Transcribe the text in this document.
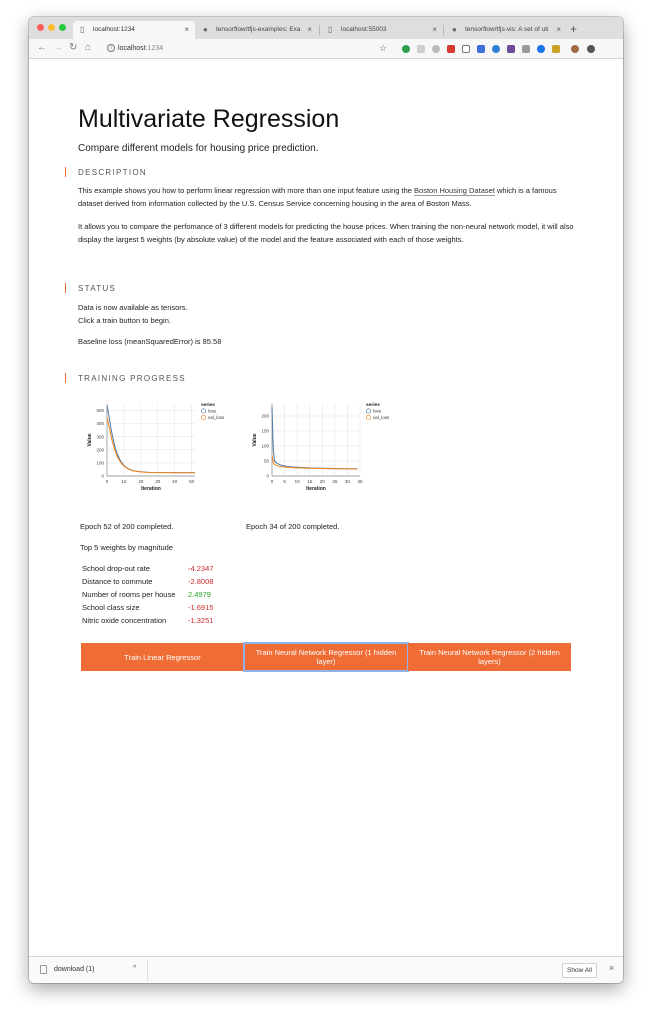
▯	localhost:1234	× ●	tensorflow/tfjs-examples: Exa × ▯	localhost:55003	× ●	tensorflow/tfjs-vis: A set of uti × +
← → ↻ ⌂	i localhost:1234	☆
Multivariate Regression
Compare different models for housing price prediction.
DESCRIPTION

This example shows you how to perform linear regression with more than one input feature using the Boston Housing Dataset which is a famous dataset derived from information collected by the U.S. Census Service concerning housing in the area of Boston Mass.

It allows you to compare the perfomance of 3 different models for predicting the house prices. When training the non-neural network model, it will also display the largest 5 weights (by absolute value) of the model and the feature associated with each of those weights.

STATUS
Data is now available as tensors.
Click a train button to begin.
Baseline loss (meanSquaredError) is 85.58
TRAINING PROGRESS
0	10	20	30	40	50
0
100
200
300
400
500
Iteration
Value
series
loss
val_loss
0 5 10 15 20 25 30 35
0
50
100
150
200
Iteration
Value
series
loss
val_loss
Epoch 52 of 200 completed.	Epoch 34 of 200 completed.
Top 5 weights by magnitude
School drop-out rate	-4.2347
Distance to commute	-2.8008
Number of rooms per house 2.4979
School class size	-1.6915
Nitric oxide concentration	-1.3251
Train Linear Regressor	Train Neural Network Regressor (1 hidden layer)
Train Neural Network Regressor (2 hidden layers)
download (1)	^	Show All	×
